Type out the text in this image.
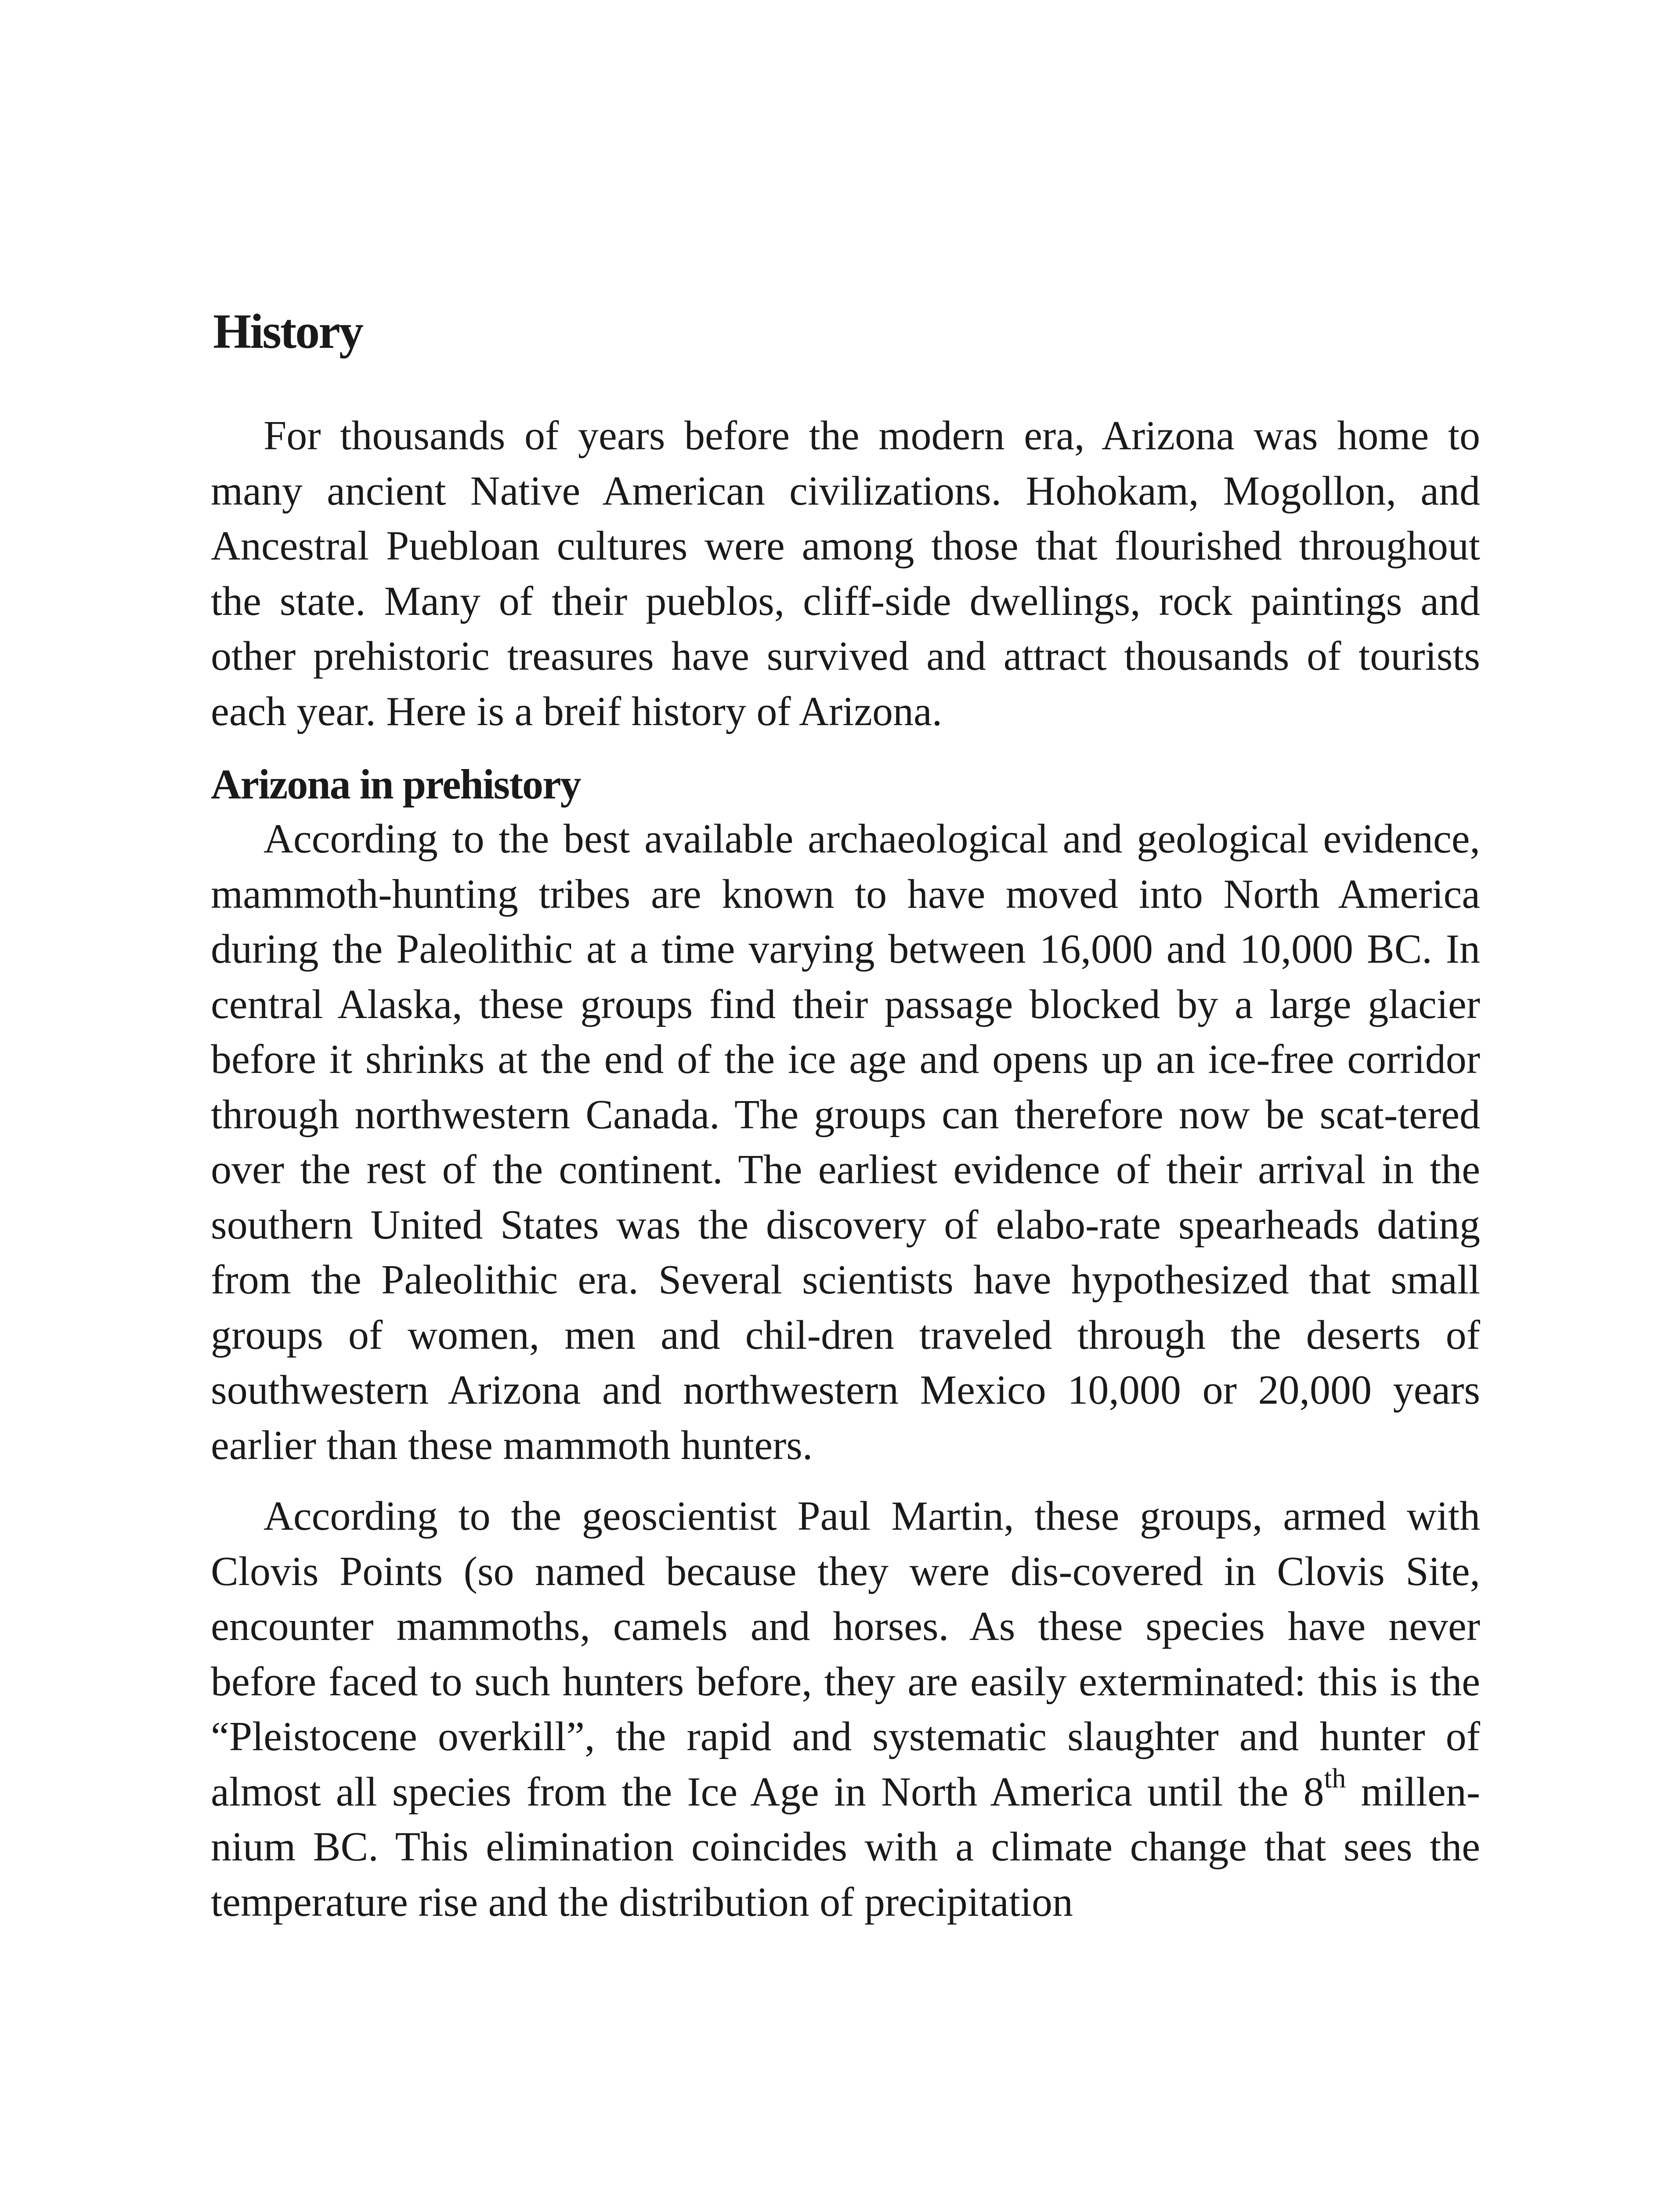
History

For thousands of years before the modern era, Arizona was home to many ancient Native American civilizations. Hohokam, Mogollon, and Ancestral Puebloan cultures were among those that flourished throughout the state. Many of their pueblos, cliff-side dwellings, rock paintings and other prehistoric treasures have survived and attract thousands of tourists each year. Here is a breif history of Arizona.

Arizona in prehistory

According to the best available archaeological and geological evidence, mammoth-hunting tribes are known to have moved into North America during the Paleolithic at a time varying between 16,000 and 10,000 BC. In central Alaska, these groups find their passage blocked by a large glacier before it shrinks at the end of the ice age and opens up an ice-free corridor through northwestern Canada. The groups can therefore now be scat-tered over the rest of the continent. The earliest evidence of their arrival in the southern United States was the discovery of elabo-rate spearheads dating from the Paleolithic era. Several scientists have hypothesized that small groups of women, men and chil-dren traveled through the deserts of southwestern Arizona and northwestern Mexico 10,000 or 20,000 years earlier than these mammoth hunters.

According to the geoscientist Paul Martin, these groups, armed with Clovis Points (so named because they were dis-covered in Clovis Site, encounter mammoths, camels and horses. As these species have never before faced to such hunters before, they are easily exterminated: this is the “Pleistocene overkill”, the rapid and systematic slaughter and hunter of almost all species from the Ice Age in North America until the 8th millen-nium BC. This elimination coincides with a climate change that sees the temperature rise and the distribution of precipitation
